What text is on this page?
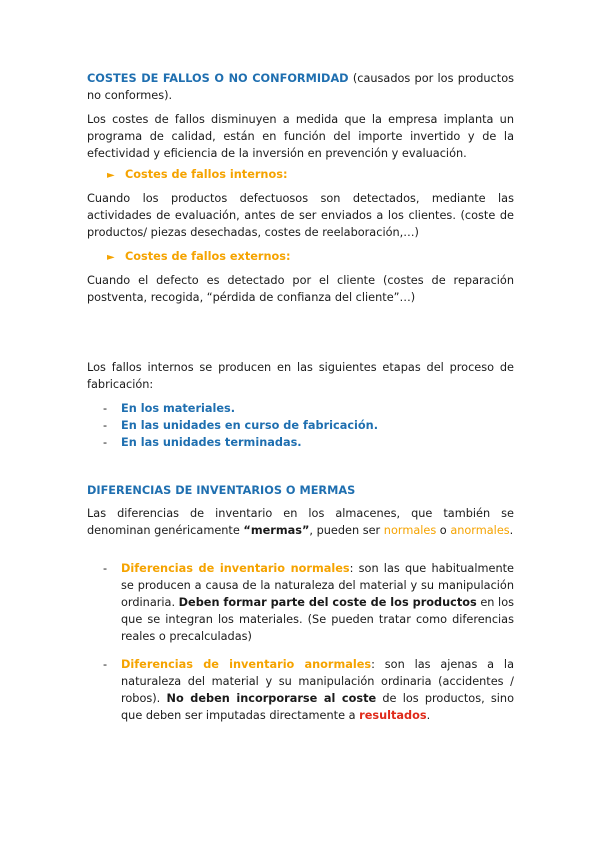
COSTES DE FALLOS O NO CONFORMIDAD (causados por los productos no conformes).

Los costes de fallos disminuyen a medida que la empresa implanta un programa de calidad, están en función del importe invertido y de la efectividad y eficiencia de la inversión en prevención y evaluación.

► Costes de fallos internos:

Cuando los productos defectuosos son detectados, mediante las actividades de evaluación, antes de ser enviados a los clientes. (coste de productos/ piezas desechadas, costes de reelaboración,…)

► Costes de fallos externos:

Cuando el defecto es detectado por el cliente (costes de reparación postventa, recogida, “pérdida de confianza del cliente”…)

Los fallos internos se producen en las siguientes etapas del proceso de fabricación:

- En los materiales.
- En las unidades en curso de fabricación.
- En las unidades terminadas.

DIFERENCIAS DE INVENTARIOS O MERMAS

Las diferencias de inventario en los almacenes, que también se denominan genéricamente “mermas”, pueden ser normales o anormales.

- Diferencias de inventario normales: son las que habitualmente se producen a causa de la naturaleza del material y su manipulación ordinaria. Deben formar parte del coste de los productos en los que se integran los materiales. (Se pueden tratar como diferencias reales o precalculadas)
- Diferencias de inventario anormales: son las ajenas a la naturaleza del material y su manipulación ordinaria (accidentes / robos). No deben incorporarse al coste de los productos, sino que deben ser imputadas directamente a resultados.
